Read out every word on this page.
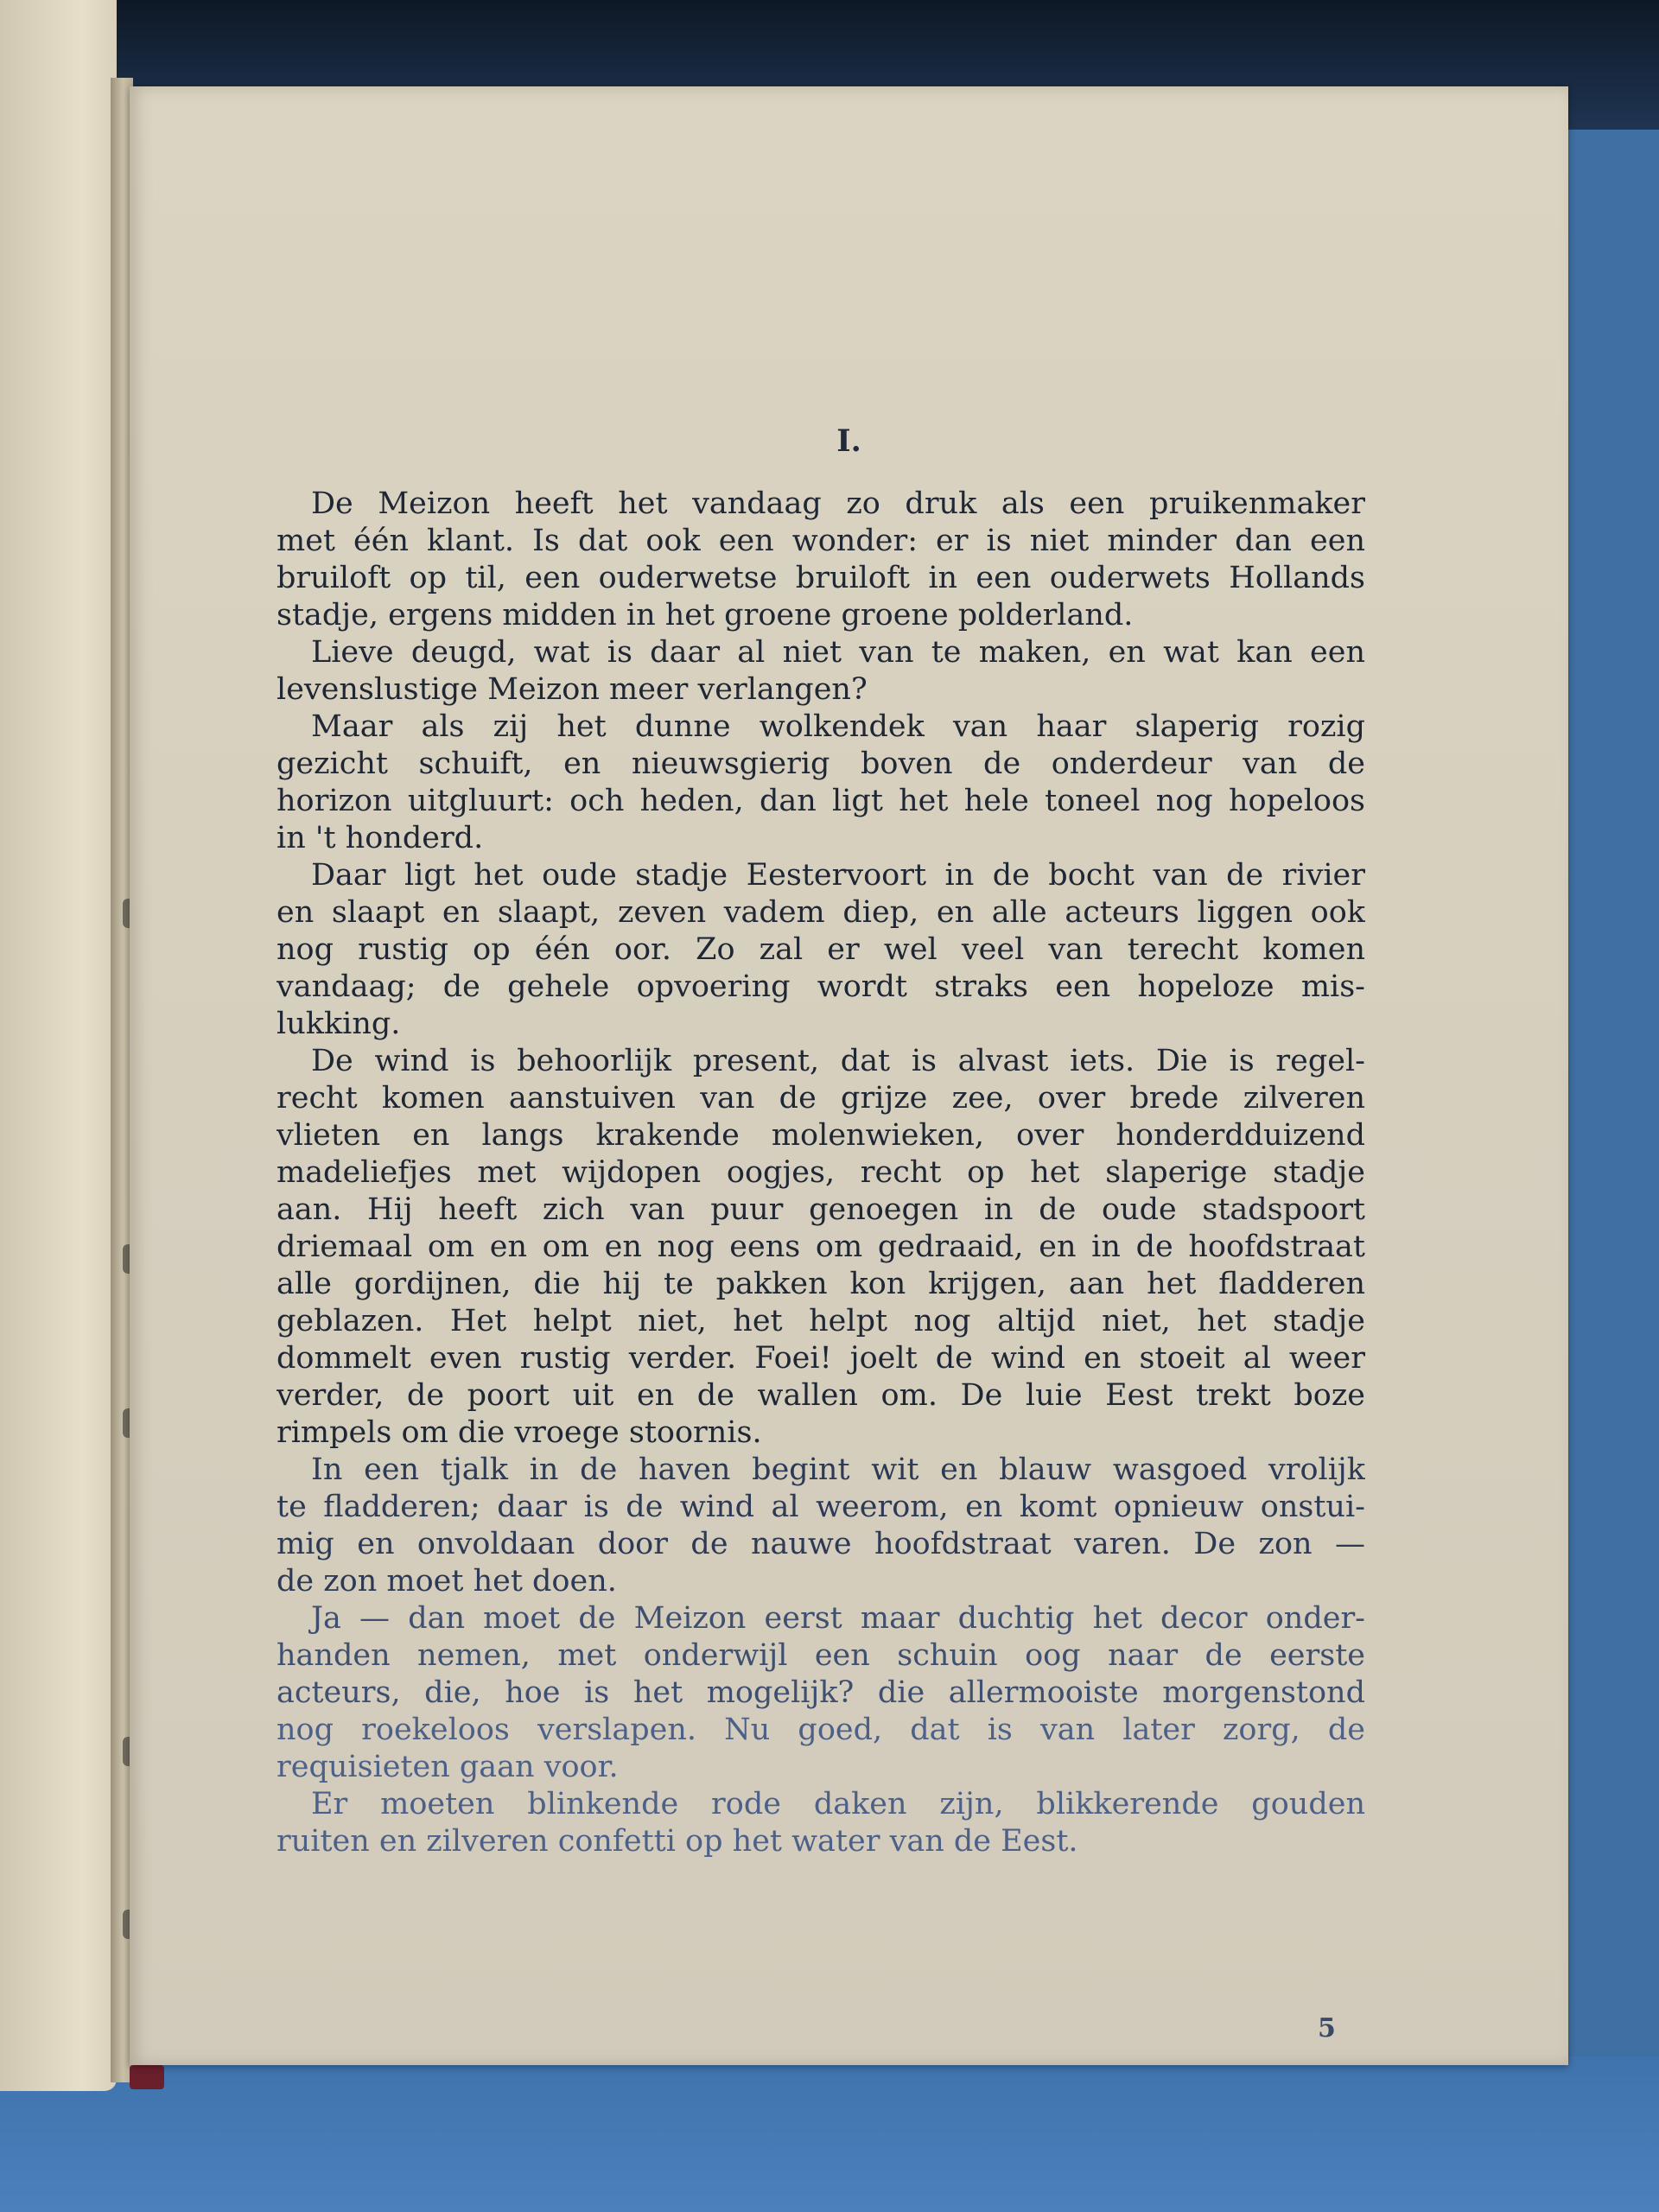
I.
De Meizon heeft het vandaag zo druk als een pruikenmaker
met één klant. Is dat ook een wonder: er is niet minder dan een
bruiloft op til, een ouderwetse bruiloft in een ouderwets Hollands
stadje, ergens midden in het groene groene polderland.
Lieve deugd, wat is daar al niet van te maken, en wat kan een
levenslustige Meizon meer verlangen?
Maar als zij het dunne wolkendek van haar slaperig rozig
gezicht schuift, en nieuwsgierig boven de onderdeur van de
horizon uitgluurt: och heden, dan ligt het hele toneel nog hopeloos
in 't honderd.
Daar ligt het oude stadje Eestervoort in de bocht van de rivier
en slaapt en slaapt, zeven vadem diep, en alle acteurs liggen ook
nog rustig op één oor. Zo zal er wel veel van terecht komen
vandaag; de gehele opvoering wordt straks een hopeloze mis-
lukking.
De wind is behoorlijk present, dat is alvast iets. Die is regel-
recht komen aanstuiven van de grijze zee, over brede zilveren
vlieten en langs krakende molenwieken, over honderdduizend
madeliefjes met wijdopen oogjes, recht op het slaperige stadje
aan. Hij heeft zich van puur genoegen in de oude stadspoort
driemaal om en om en nog eens om gedraaid, en in de hoofdstraat
alle gordijnen, die hij te pakken kon krijgen, aan het fladderen
geblazen. Het helpt niet, het helpt nog altijd niet, het stadje
dommelt even rustig verder. Foei! joelt de wind en stoeit al weer
verder, de poort uit en de wallen om. De luie Eest trekt boze
rimpels om die vroege stoornis.
In een tjalk in de haven begint wit en blauw wasgoed vrolijk
te fladderen; daar is de wind al weerom, en komt opnieuw onstui-
mig en onvoldaan door de nauwe hoofdstraat varen. De zon —
de zon moet het doen.
Ja — dan moet de Meizon eerst maar duchtig het decor onder-
handen nemen, met onderwijl een schuin oog naar de eerste
acteurs, die, hoe is het mogelijk? die allermooiste morgenstond
nog roekeloos verslapen. Nu goed, dat is van later zorg, de
requisieten gaan voor.
Er moeten blinkende rode daken zijn, blikkerende gouden
ruiten en zilveren confetti op het water van de Eest.
5
